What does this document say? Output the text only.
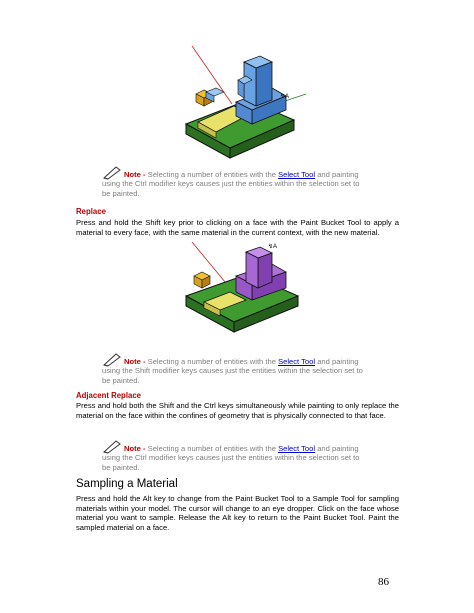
↯A
Note - Selecting a number of entities with the Select Tool and painting
using the Ctrl modifier keys causes just the entities within the selection set to
be painted.
Replace
Press and hold the Shift key prior to clicking on a face with the Paint Bucket Tool to apply a material to every face, with the same material in the current context, with the new material.
↯A
Note - Selecting a number of entities with the Select Tool and painting
using the Shift modifier keys causes just the entities within the selection set to
be painted.
Adjacent Replace
Press and hold both the Shift and the Ctrl keys simultaneously while painting to only replace the material on the face within the confines of geometry that is physically connected to that face.
Note - Selecting a number of entities with the Select Tool and painting
using the Ctrl modifier keys causes just the entities within the selection set to
be painted.
Sampling a Material
Press and hold the Alt key to change from the Paint Bucket Tool to a Sample Tool for sampling materials within your model. The cursor will change to an eye dropper. Click on the face whose material you want to sample. Release the Alt key to return to the Paint Bucket Tool. Paint the sampled material on a face.
86
